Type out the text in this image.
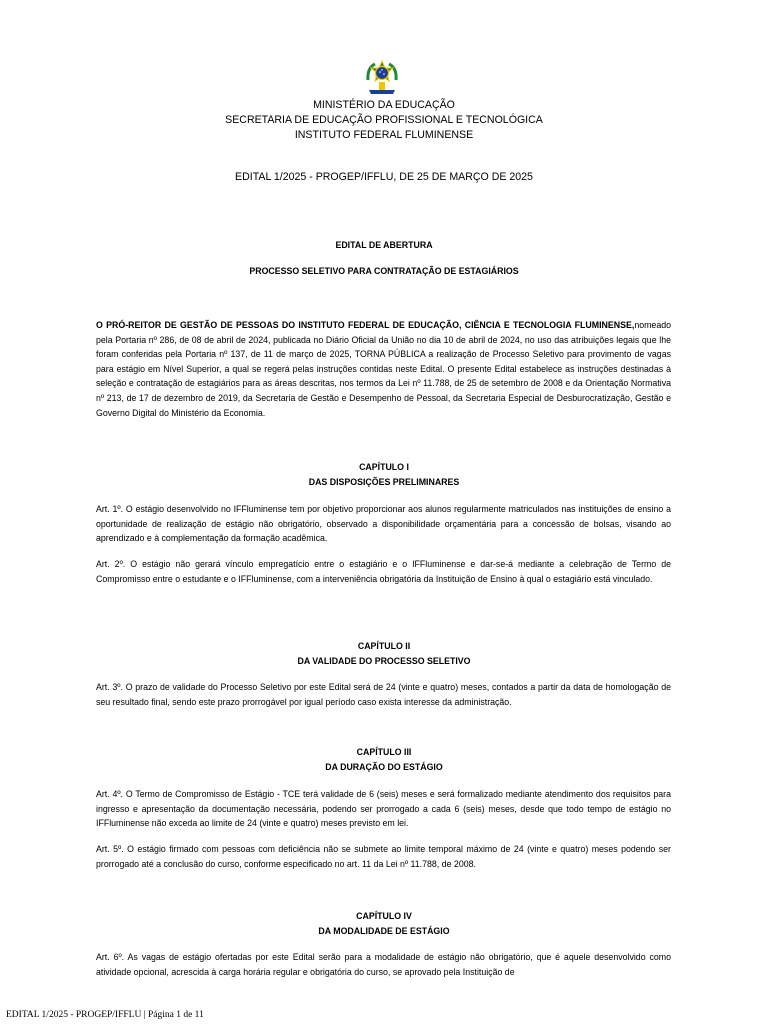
MINISTÉRIO DA EDUCAÇÃO
SECRETARIA DE EDUCAÇÃO PROFISSIONAL E TECNOLÓGICA
INSTITUTO FEDERAL FLUMINENSE
EDITAL 1/2025 - PROGEP/IFFLU, DE 25 DE MARÇO DE 2025
EDITAL DE ABERTURA
PROCESSO SELETIVO PARA CONTRATAÇÃO DE ESTAGIÁRIOS

O PRÓ-REITOR DE GESTÃO DE PESSOAS DO INSTITUTO FEDERAL DE EDUCAÇÃO, CIÊNCIA E TECNOLOGIA FLUMINENSE,nomeado pela Portaria nº 286, de 08 de abril de 2024, publicada no Diário Oficial da União no dia 10 de abril de 2024, no uso das atribuições legais que lhe foram conferidas pela Portaria nº 137, de 11 de março de 2025, TORNA PÚBLICA a realização de Processo Seletivo para provimento de vagas para estágio em Nível Superior, a qual se regerá pelas instruções contidas neste Edital. O presente Edital estabelece as instruções destinadas à seleção e contratação de estagiários para as áreas descritas, nos termos da Lei nº 11.788, de 25 de setembro de 2008 e da Orientação Normativa nº 213, de 17 de dezembro de 2019, da Secretaria de Gestão e Desempenho de Pessoal, da Secretaria Especial de Desburocratização, Gestão e Governo Digital do Ministério da Economia.

CAPÍTULO I
DAS DISPOSIÇÕES PRELIMINARES

Art. 1º. O estágio desenvolvido no IFFluminense tem por objetivo proporcionar aos alunos regularmente matriculados nas instituições de ensino a oportunidade de realização de estágio não obrigatório, observado a disponibilidade orçamentária para a concessão de bolsas, visando ao aprendizado e à complementação da formação acadêmica.

Art. 2º. O estágio não gerará vínculo empregatício entre o estagiário e o IFFluminense e dar-se-á mediante a celebração de Termo de Compromisso entre o estudante e o IFFluminense, com a interveniência obrigatória da Instituição de Ensino à qual o estagiário está vinculado.

CAPÍTULO II
DA VALIDADE DO PROCESSO SELETIVO

Art. 3º. O prazo de validade do Processo Seletivo por este Edital será de 24 (vinte e quatro) meses, contados a partir da data de homologação de seu resultado final, sendo este prazo prorrogável por igual período caso exista interesse da administração.

CAPÍTULO III
DA DURAÇÃO DO ESTÁGIO

Art. 4º. O Termo de Compromisso de Estágio - TCE terá validade de 6 (seis) meses e será formalizado mediante atendimento dos requisitos para ingresso e apresentação da documentação necessária, podendo ser prorrogado a cada 6 (seis) meses, desde que todo tempo de estágio no IFFluminense não exceda ao limite de 24 (vinte e quatro) meses previsto em lei.

Art. 5º. O estágio firmado com pessoas com deficiência não se submete ao limite temporal máximo de 24 (vinte e quatro) meses podendo ser prorrogado até a conclusão do curso, conforme especificado no art. 11 da Lei nº 11.788, de 2008.

CAPÍTULO IV
DA MODALIDADE DE ESTÁGIO

Art. 6º. As vagas de estágio ofertadas por este Edital serão para a modalidade de estágio não obrigatório, que é aquele desenvolvido como atividade opcional, acrescida à carga horária regular e obrigatória do curso, se aprovado pela Instituição de

EDITAL 1/2025 - PROGEP/IFFLU | Página 1 de 11
